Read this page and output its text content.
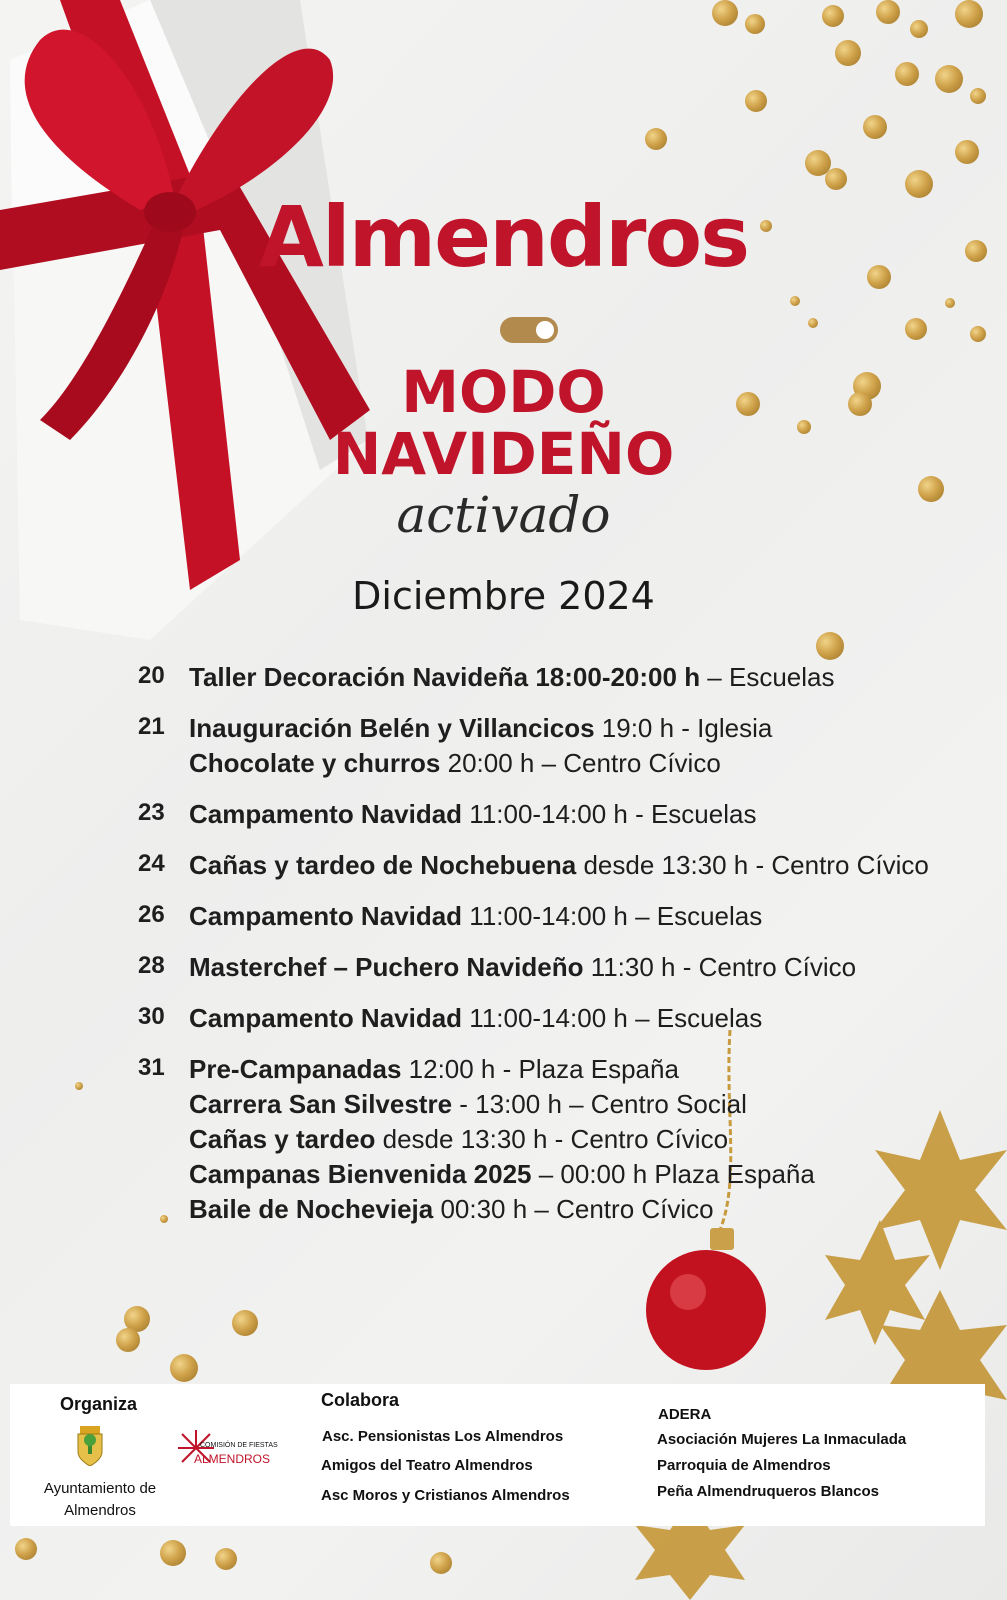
Almendros
MODO
NAVIDEÑO
activado
Diciembre 2024
20 Taller Decoración Navideña 18:00-20:00 h – Escuelas
21 Inauguración Belén y Villancicos 19:0 h - Iglesia
Chocolate y churros 20:00 h – Centro Cívico
23 Campamento Navidad 11:00-14:00 h - Escuelas
24 Cañas y tardeo de Nochebuena desde 13:30 h - Centro Cívico
26 Campamento Navidad 11:00-14:00 h – Escuelas
28 Masterchef – Puchero Navideño 11:30 h - Centro Cívico
30 Campamento Navidad 11:00-14:00 h – Escuelas
31 Pre-Campanadas 12:00 h - Plaza España
Carrera San Silvestre - 13:00 h – Centro Social
Cañas y tardeo desde 13:30 h - Centro Cívico
Campanas Bienvenida 2025 – 00:00 h Plaza España
Baile de Nochevieja 00:30 h – Centro Cívico
Organiza
Ayuntamiento de
Almendros
COMISIÓN DE FIESTAS
ALMENDROS
Colabora
Asc. Pensionistas Los Almendros
Amigos del Teatro Almendros
Asc Moros y Cristianos Almendros
ADERA
Asociación Mujeres La Inmaculada
Parroquia de Almendros
Peña Almendruqueros Blancos
